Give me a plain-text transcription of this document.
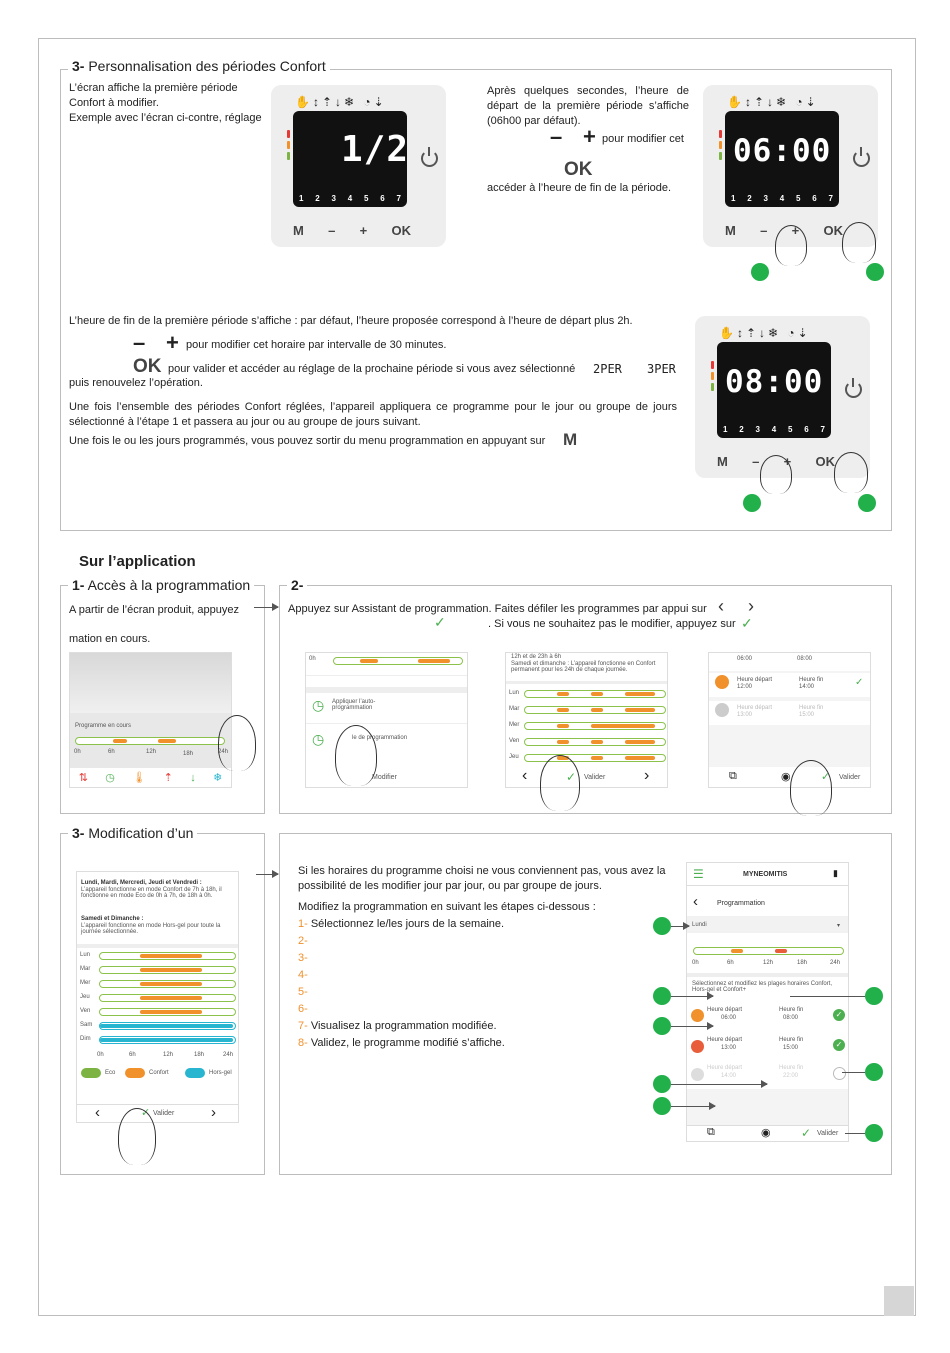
3- Personnalisation des périodes Confort
L’écran affiche la première période
Confort à modifier.
Exemple avec l’écran ci-contre, réglage
✋↕⇡↓❄ ◔⇣
1/2
1 2 3 4 5 6 7
M – + OK
Après quelques secondes, l’heure de départ de la première période s’affiche (06h00 par défaut).
– + pour modifier cet
OK
accéder à l’heure de fin de la période.
✋↕⇡↓❄ ◔⇣
06:00
1 2 3 4 5 6 7
M – + OK
L’heure de fin de la première période s’affiche : par défaut, l’heure proposée correspond à l’heure de départ plus 2h.
– + pour modifier cet horaire par intervalle de 30 minutes.
OK pour valider et accéder au réglage de la prochaine période si vous avez sélectionné	2PER 3PER
puis renouvelez l’opération.
Une fois l’ensemble des périodes Confort réglées, l’appareil appliquera ce programme pour le jour ou groupe de jours sélectionné à l’étape 1 et passera au jour ou au groupe de jours suivant.
Une fois le ou les jours programmés, vous pouvez sortir du menu programmation en appuyant sur	M
✋↕⇡↓❄ ◔⇣
08:00
1 2 3 4 5 6 7
M – + OK
Sur l’application
1- Accès à la programmation
A partir de l’écran produit, appuyez
mation en cours.
Programme en cours
0h	6h	12h	18h	24h
⇅ ◷ 🌡︎ ⇡ ↓ ❄
2-
Appuyez sur Assistant de programmation. Faites défiler les programmes par appui sur ‹ ›
✓	. Si vous ne souhaitez pas le modifier, appuyez sur ✓
0h
◷ Appliquer l’auto-programmation
◷	le de programmation
Modifier
12h et de 23h à 6h
Samedi et dimanche : L’appareil fonctionne en Confort permanent pour les 24h de chaque journée.
Lun
Mar
Mer
Ven
Jeu
‹	✓ Valider ›
06:00	08:00
Heure départ
12:00
Heure fin
14:00	✓
Heure départ
13:00
Heure fin
15:00
⧉	◉	✓ Valider
3- Modification d’un
Lundi, Mardi, Mercredi, Jeudi et Vendredi :
L’appareil fonctionne en mode Confort de 7h à 18h, il fonctionne en mode Eco de 0h à 7h, de 18h à 0h.
Samedi et Dimanche :
L’appareil fonctionne en mode Hors-gel pour toute la journée sélectionnée.
Lun
Mar
Mer
Jeu
Ven
Sam
Dim
0h	6h	12h	18h	24h
Eco	Confort	Hors-gel
‹	✓ Valider ›
Si les horaires du programme choisi ne vous conviennent pas, vous avez la possibilité de les modifier jour par jour, ou par groupe de jours.
Modifiez la programmation en suivant les étapes ci-dessous :
1- Sélectionnez le/les jours de la semaine.
2-
3-
4-
5-
6-
7- Visualisez la programmation modifiée.
8- Validez, le programme modifié s’affiche.
☰	MYNEOMITIS	▮
‹	Programmation
Lundi	▾
0h	6h	12h	18h	24h
Sélectionnez et modifiez les plages horaires Confort, Hors-gel et Confort+
Heure départ
06:00
Heure fin
08:00	✓
Heure départ
13:00
Heure fin
15:00	✓
Heure départ
14:00
Heure fin
22:00
⧉	◉	✓ Valider
